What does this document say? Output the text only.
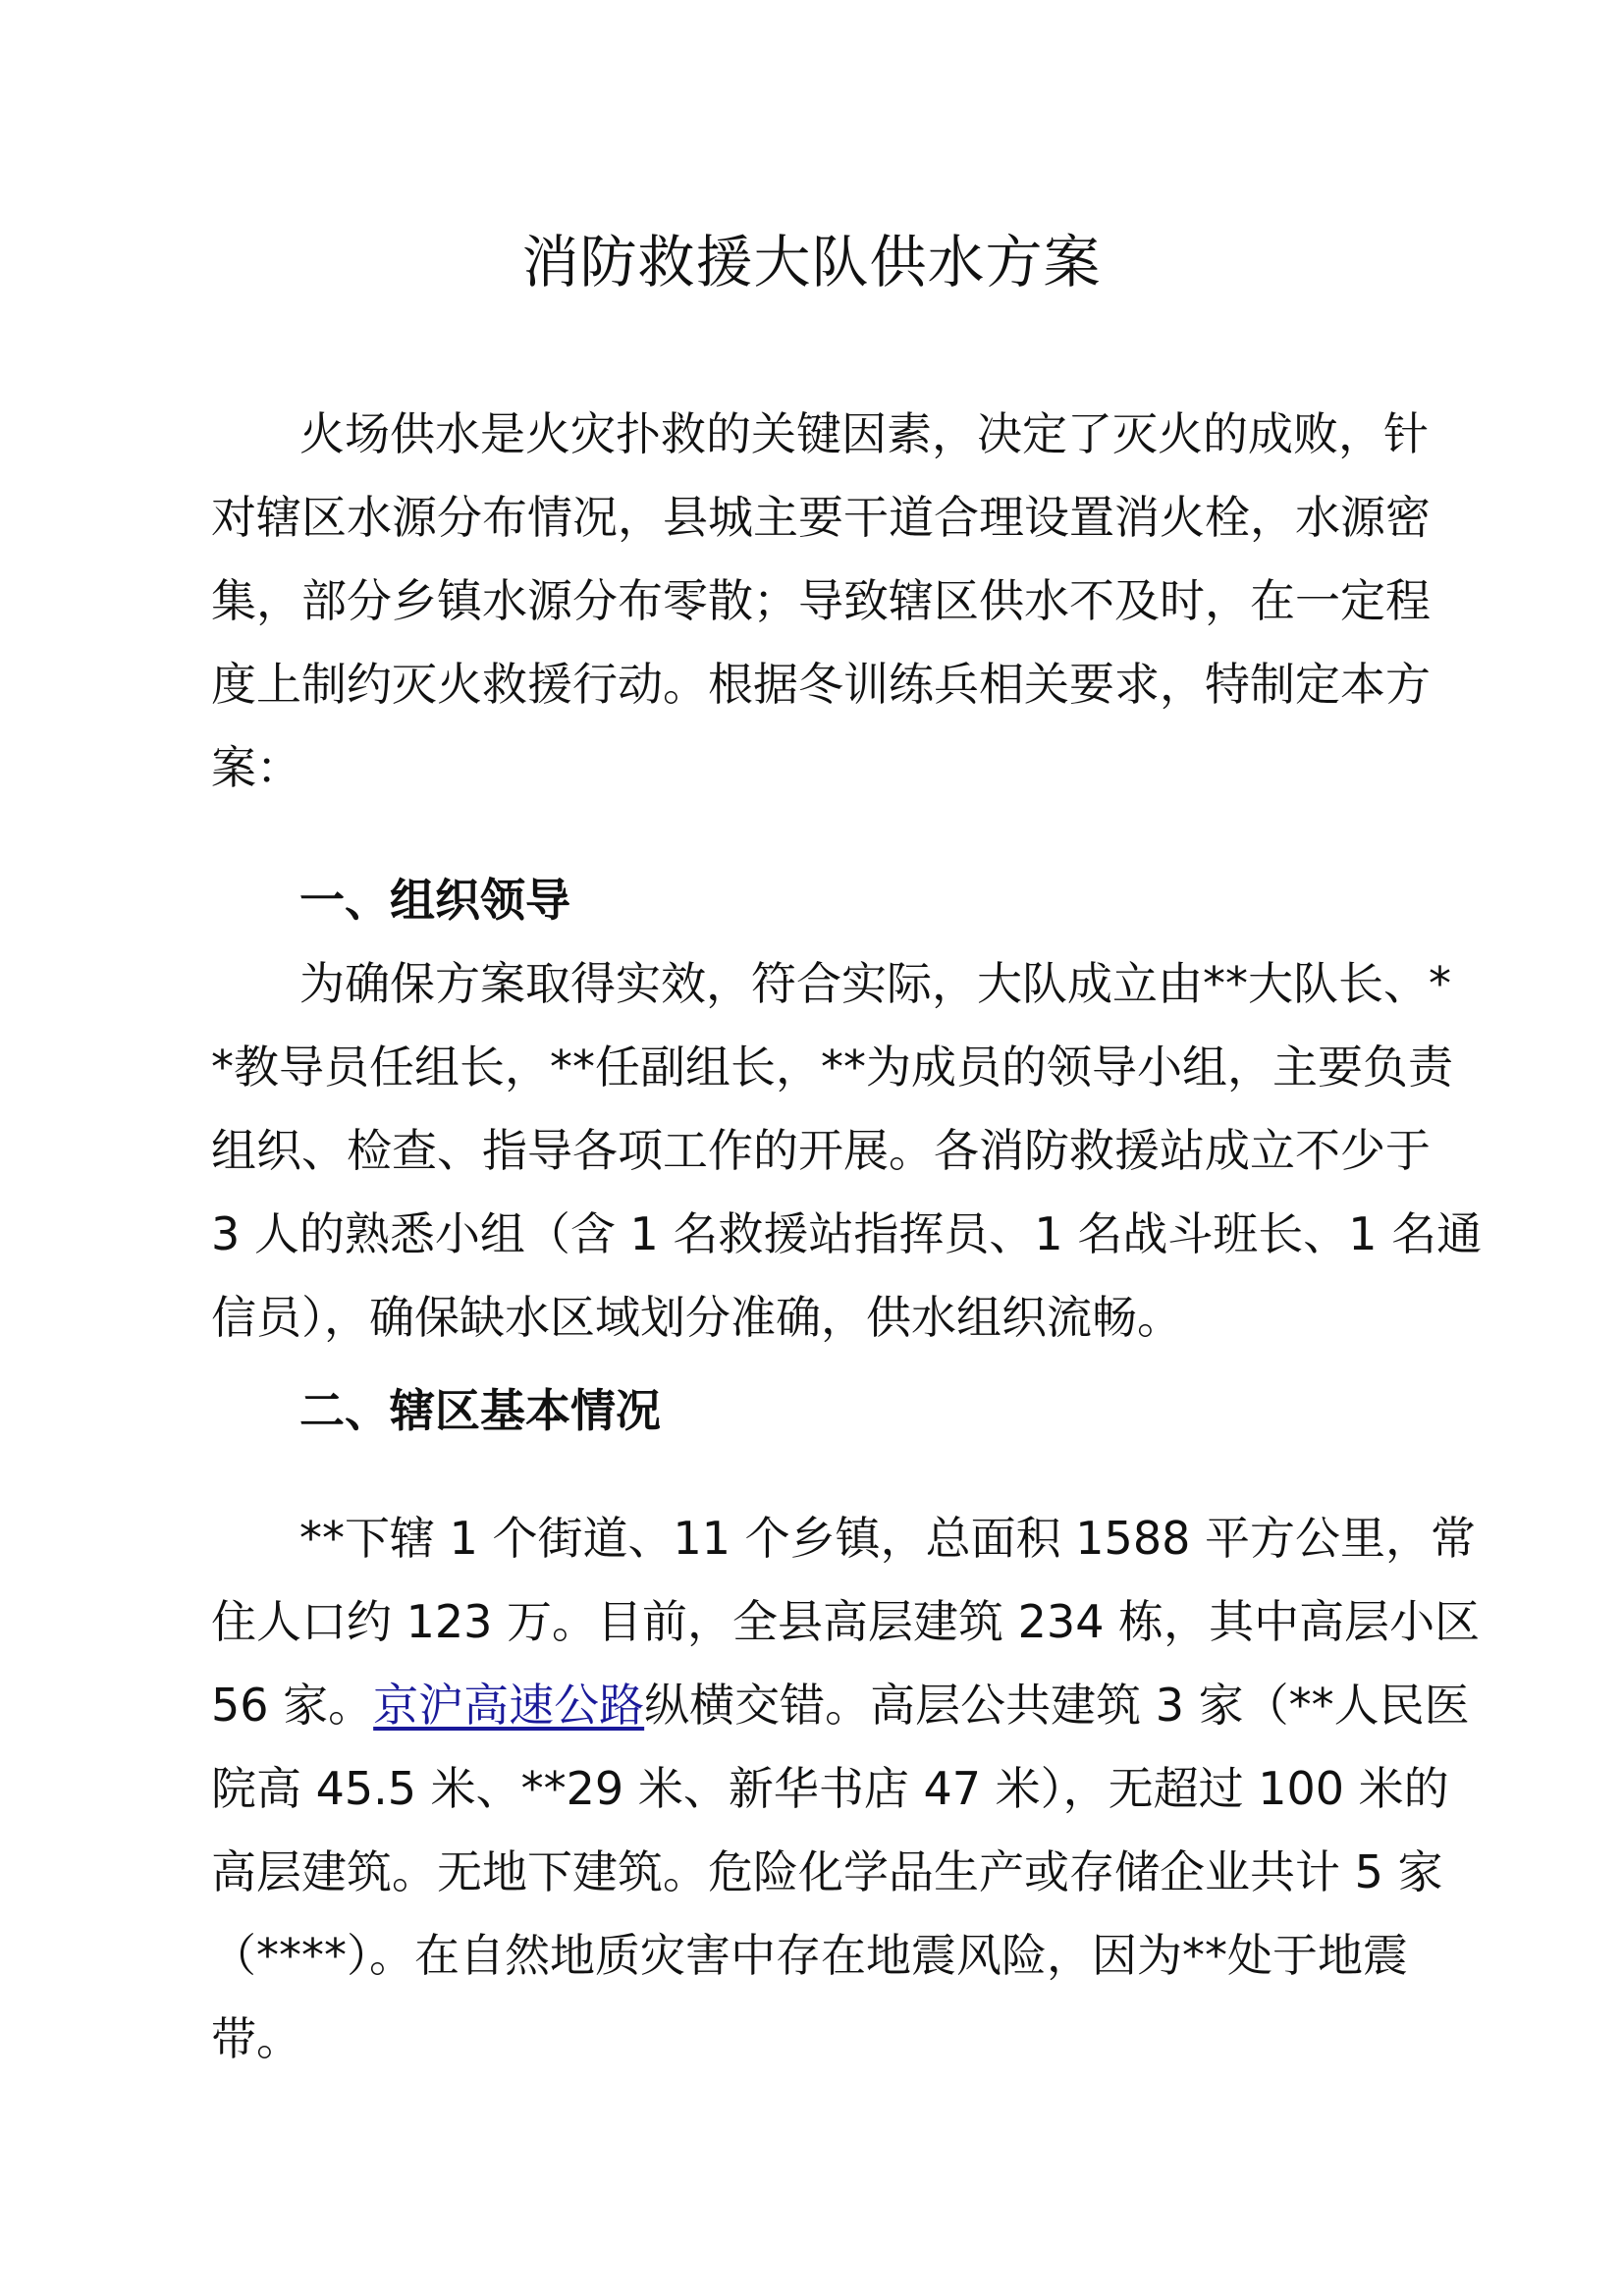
消防救援大队供水方案

火场供水是火灾扑救的关键因素，决定了灭火的成败，针

对辖区水源分布情况，县城主要干道合理设置消火栓，水源密

集，部分乡镇水源分布零散；导致辖区供水不及时，在一定程

度上制约灭火救援行动。根据冬训练兵相关要求，特制定本方

案：

一、组织领导

为确保方案取得实效，符合实际，大队成立由**大队长、*

*教导员任组长，**任副组长，**为成员的领导小组，主要负责

组织、检查、指导各项工作的开展。各消防救援站成立不少于

3 人的熟悉小组（含 1 名救援站指挥员、1 名战斗班长、1 名通

信员），确保缺水区域划分准确，供水组织流畅。

二、辖区基本情况

**下辖 1 个街道、11 个乡镇，总面积 1588 平方公里，常

住人口约 123 万。目前，全县高层建筑 234 栋，其中高层小区

56 家。京沪高速公路纵横交错。高层公共建筑 3 家（**人民医

院高 45.5 米、**29 米、新华书店 47 米），无超过 100 米的

高层建筑。无地下建筑。危险化学品生产或存储企业共计 5 家

（****）。在自然地质灾害中存在地震风险，因为**处于地震

带。
